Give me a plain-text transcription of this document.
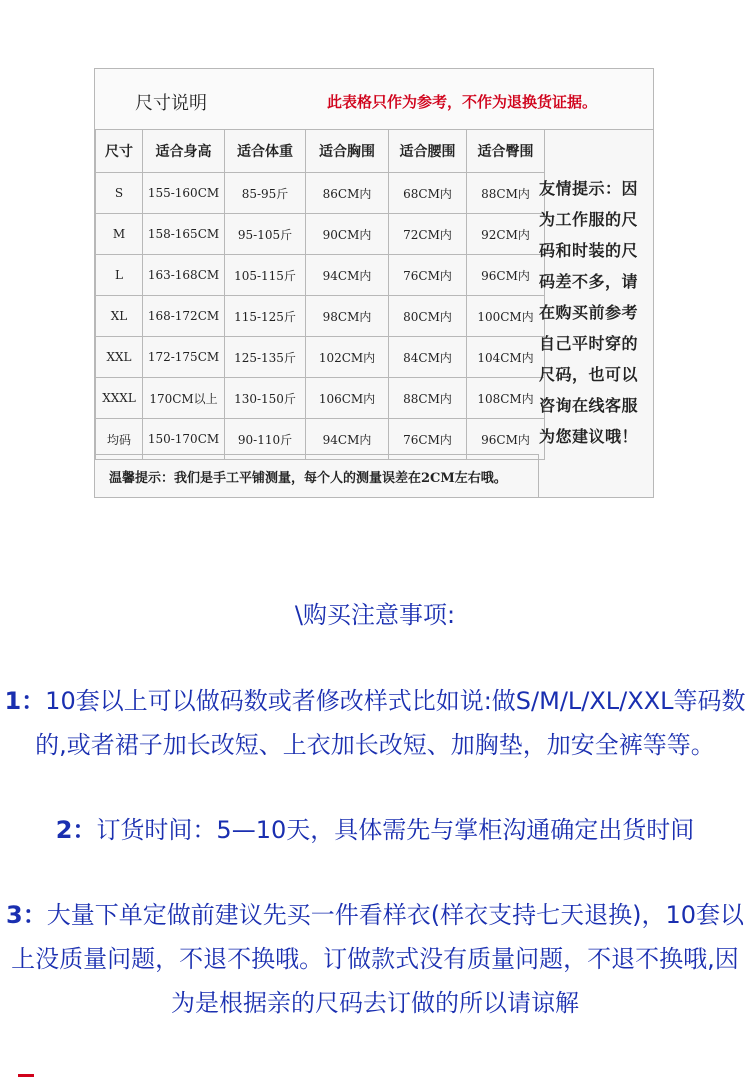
尺寸说明	此表格只作为参考，不作为退换货证据。
尺寸	适合身高	适合体重	适合胸围	适合腰围	适合臀围
S	155-160CM	85-95斤	86CM内	68CM内	88CM内
M	158-165CM	95-105斤	90CM内	72CM内	92CM内
L	163-168CM	105-115斤	94CM内	76CM内	96CM内
XL	168-172CM	115-125斤	98CM内	80CM内	100CM内
XXL	172-175CM	125-135斤	102CM内	84CM内	104CM内
XXXL	170CM以上	130-150斤	106CM内	88CM内	108CM内
均码	150-170CM	90-110斤	94CM内	76CM内	96CM内
友情提示：因为工作服的尺码和时装的尺码差不多，请在购买前参考自己平时穿的尺码，也可以咨询在线客服为您建议哦！
温馨提示：我们是手工平铺测量，每个人的测量误差在2CM左右哦。
\购买注意事项:
1：10套以上可以做码数或者修改样式比如说:做S/M/L/XL/XXL等码数的,或者裙子加长改短、上衣加长改短、加胸垫，加安全裤等等。
2：订货时间：5—10天，具体需先与掌柜沟通确定出货时间
3：大量下单定做前建议先买一件看样衣(样衣支持七天退换)，10套以上没质量问题，不退不换哦。订做款式没有质量问题，不退不换哦,因为是根据亲的尺码去订做的所以请谅解
